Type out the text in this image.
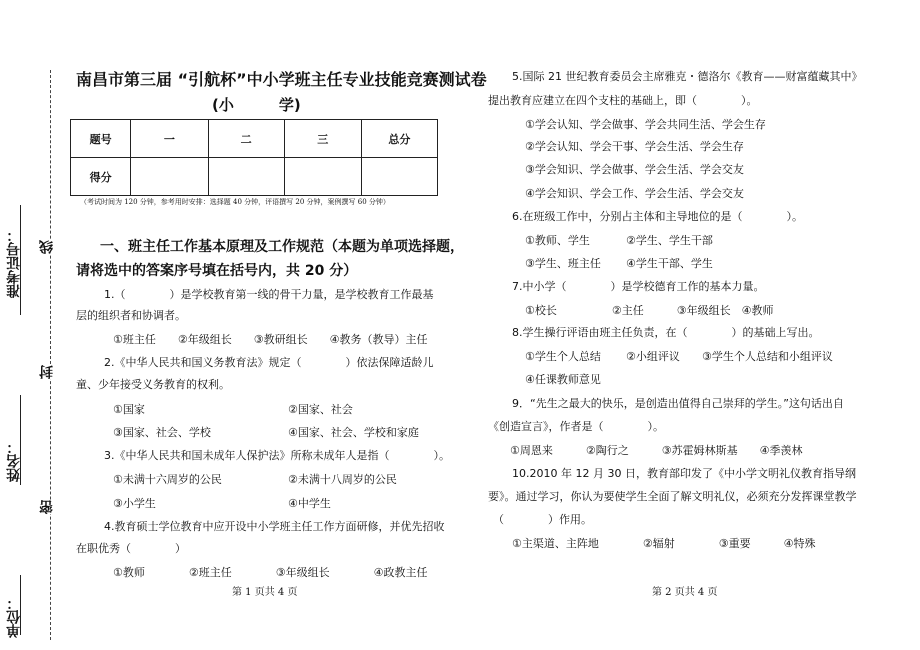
准考证号：
姓名：
单位：
线
封
密
南昌市第三届 “引航杯”中小学班主任专业技能竞赛测试卷
(小　　　学)
题号	一	二	三	总分
得分				
（考试时间为 120 分钟，参考用时安排：选择题 40 分钟，评语撰写 20 分钟，案例撰写 60 分钟）
一、班主任工作基本原理及工作规范（本题为单项选择题，
请将选中的答案序号填在括号内，共 20 分）
1.（　　　　）是学校教育第一线的骨干力量，是学校教育工作最基
层的组织者和协调者。
①班主任　　②年级组长　　③教研组长　　④教务（教导）主任
2.《中华人民共和国义务教育法》规定（　　　　）依法保障适龄儿
童、少年接受义务教育的权利。
①国家	②国家、社会
③国家、社会、学校	④国家、社会、学校和家庭
3.《中华人民共和国未成年人保护法》所称未成年人是指（　　　　）。
①未满十六周岁的公民	②未满十八周岁的公民
③小学生	④中学生
4.教育硕士学位教育中应开设中小学班主任工作方面研修，并优先招收
在职优秀（　　　　）
①教师　　　　②班主任　　　　③年级组长　　　　④政教主任
第 1 页共 4 页
5.国际 21 世纪教育委员会主席雅克・德洛尔《教育——财富蕴藏其中》
提出教育应建立在四个支柱的基础上，即（　　　　）。
①学会认知、学会做事、学会共同生活、学会生存
②学会认知、学会干事、学会生活、学会生存
③学会知识、学会做事、学会生活、学会交友
④学会知识、学会工作、学会生活、学会交友
6.在班级工作中，分别占主体和主导地位的是（　　　　）。
①教师、学生	②学生、学生干部
③学生、班主任 ④学生干部、学生
7.中小学（　　　　）是学校德育工作的基本力量。
①校长　　　　　②主任　　　③年级组长　④教师
8.学生操行评语由班主任负责，在（　　　　）的基础上写出。
①学生个人总结 ②小组评议 ③学生个人总结和小组评议
④任课教师意见
9．“先生之最大的快乐，是创造出值得自己崇拜的学生。”这句话出自
《创造宣言》，作者是（　　　　）。
①周恩来　　　②陶行之　　　③苏霍姆林斯基　　④季羡林
10.2010 年 12 月 30 日，教育部印发了《中小学文明礼仪教育指导纲
要》。通过学习，你认为要使学生全面了解文明礼仪，必须充分发挥课堂教学
（　　　　）作用。
①主渠道、主阵地　　　　②辐射　　　　③重要　　　④特殊
第 2 页共 4 页
